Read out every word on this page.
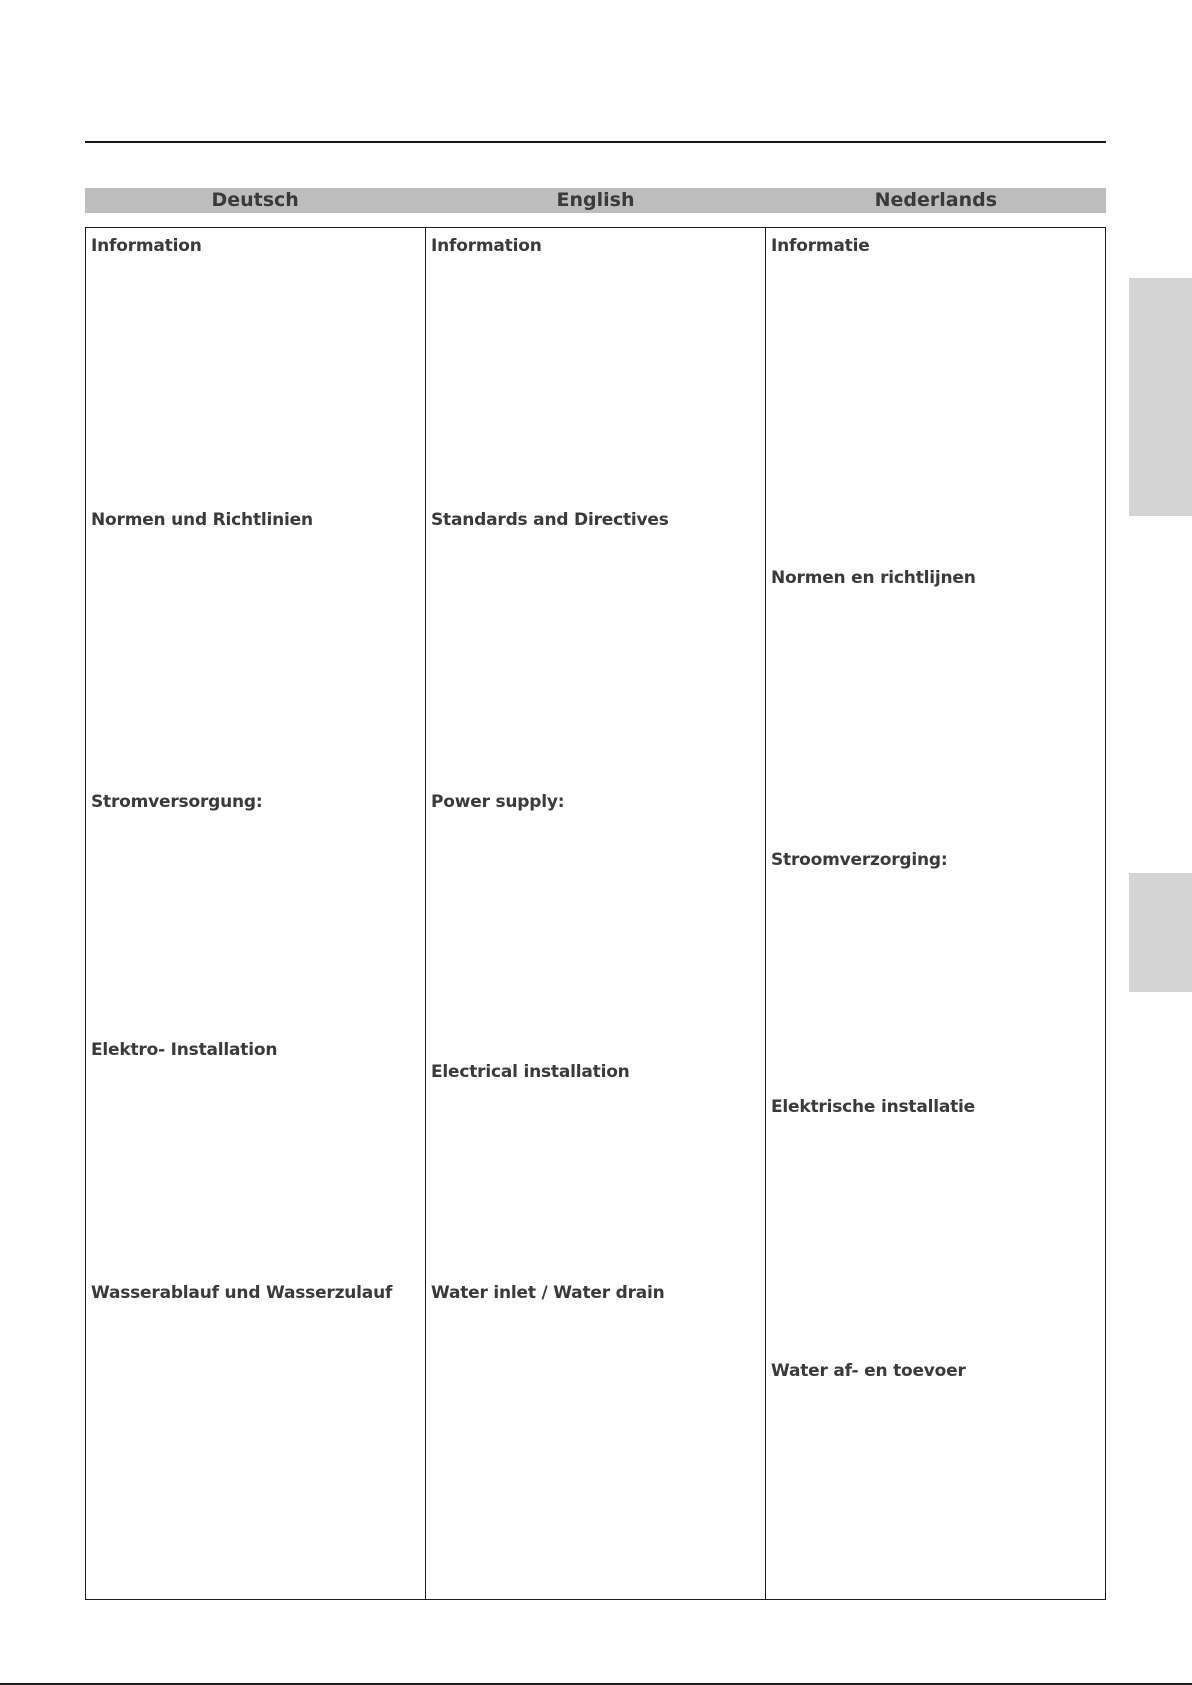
Deutsch	English	Nederlands
Information
Normen und Richtlinien
Stromversorgung:
Elektro- Installation
Wasserablauf und Wasserzulauf
Information
Standards and Directives
Power supply:
Electrical installation
Water inlet / Water drain
Informatie
Normen en richtlijnen
Stroomverzorging:
Elektrische installatie
Water af- en toevoer
